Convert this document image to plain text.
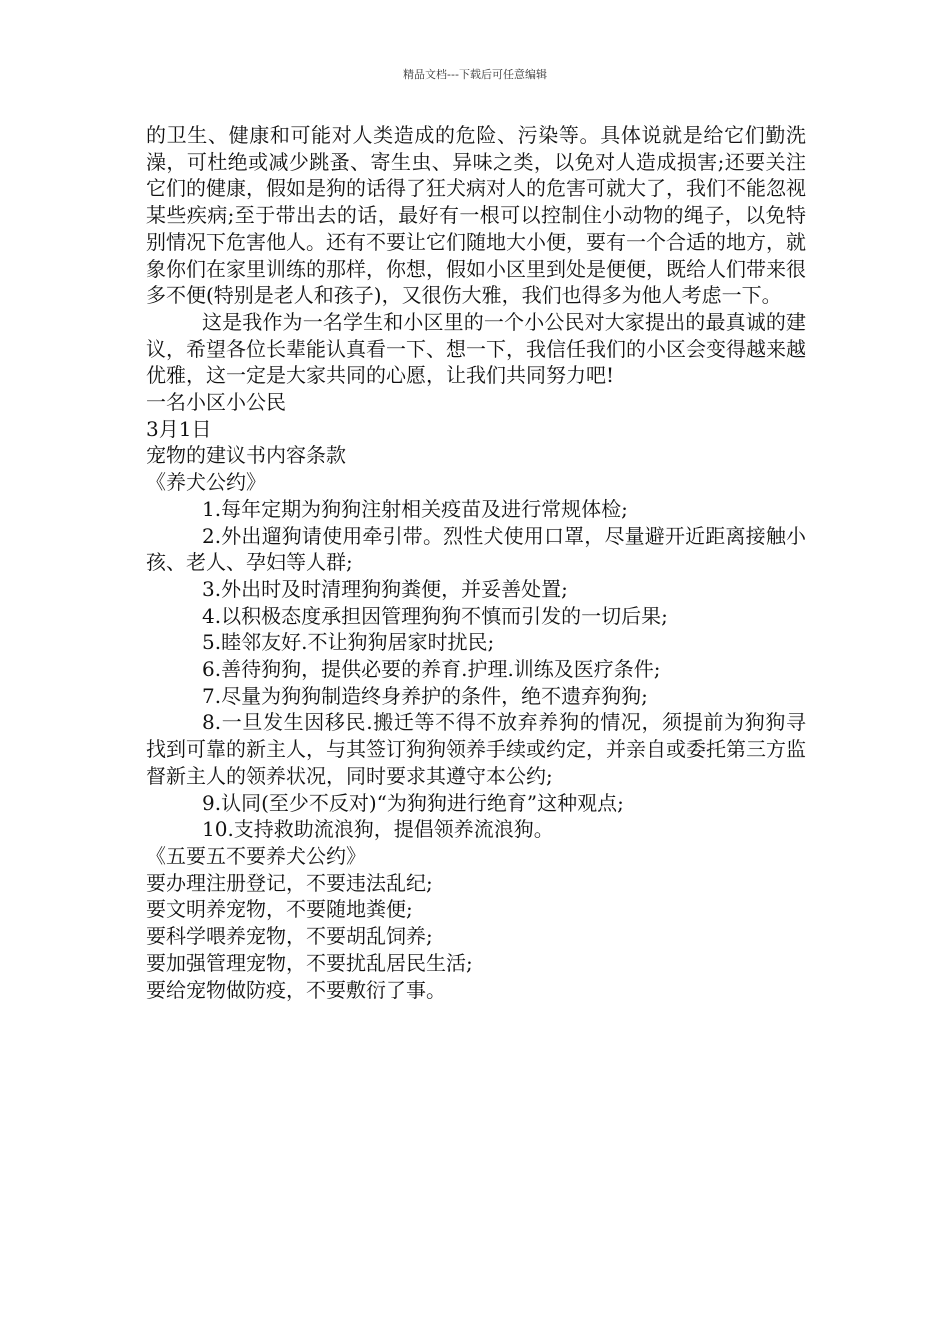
精品文档---下载后可任意编辑

的卫生、健康和可能对人类造成的危险、污染等。具体说就是给它们勤洗澡，可杜绝或减少跳蚤、寄生虫、异味之类，以免对人造成损害;还要关注它们的健康，假如是狗的话得了狂犬病对人的危害可就大了，我们不能忽视某些疾病;至于带出去的话，最好有一根可以控制住小动物的绳子，以免特别情况下危害他人。还有不要让它们随地大小便，要有一个合适的地方，就象你们在家里训练的那样，你想，假如小区里到处是便便，既给人们带来很多不便(特别是老人和孩子)，又很伤大雅，我们也得多为他人考虑一下。

这是我作为一名学生和小区里的一个小公民对大家提出的最真诚的建议，希望各位长辈能认真看一下、想一下，我信任我们的小区会变得越来越优雅，这一定是大家共同的心愿，让我们共同努力吧!

一名小区小公民

3月1日

宠物的建议书内容条款

《养犬公约》

1.每年定期为狗狗注射相关疫苗及进行常规体检;

2.外出遛狗请使用牵引带。烈性犬使用口罩，尽量避开近距离接触小孩、老人、孕妇等人群;

3.外出时及时清理狗狗粪便，并妥善处置;

4.以积极态度承担因管理狗狗不慎而引发的一切后果;

5.睦邻友好.不让狗狗居家时扰民;

6.善待狗狗，提供必要的养育.护理.训练及医疗条件;

7.尽量为狗狗制造终身养护的条件，绝不遗弃狗狗;

8.一旦发生因移民.搬迁等不得不放弃养狗的情况，须提前为狗狗寻找到可靠的新主人，与其签订狗狗领养手续或约定，并亲自或委托第三方监督新主人的领养状况，同时要求其遵守本公约;

9.认同(至少不反对)“为狗狗进行绝育”这种观点;

10.支持救助流浪狗，提倡领养流浪狗。

《五要五不要养犬公约》

要办理注册登记，不要违法乱纪;

要文明养宠物，不要随地粪便;

要科学喂养宠物，不要胡乱饲养;

要加强管理宠物，不要扰乱居民生活;

要给宠物做防疫，不要敷衍了事。
